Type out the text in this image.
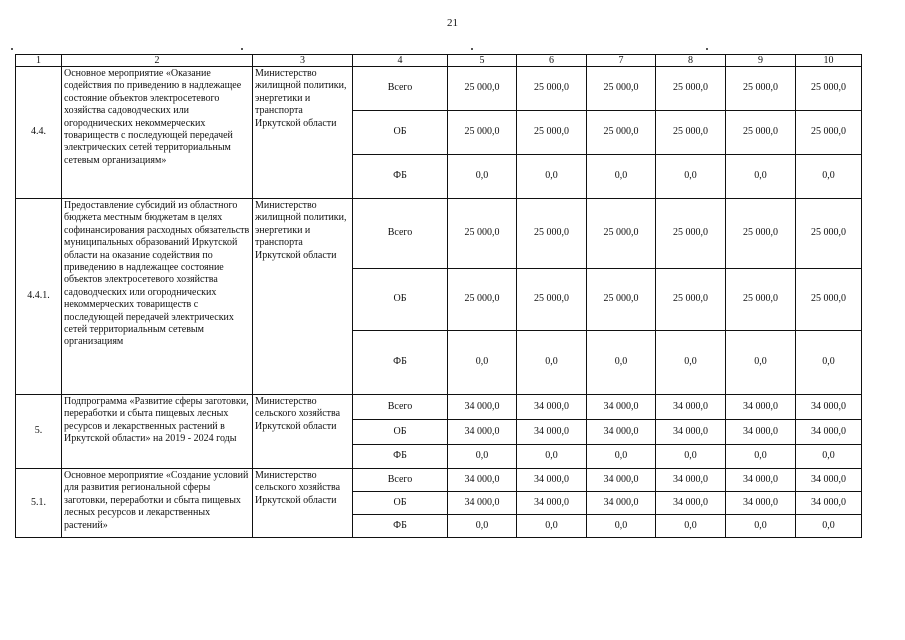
21
1	2	3	4	5	6	7	8	9	10
4.4.	Основное мероприятие «Оказание содействия по приведению в надлежащее состояние объектов электросетевого хозяйства садоводческих или огороднических некоммерческих товариществ с последующей передачей электрических сетей территориальным сетевым организациям»	Министерство жилищной политики, энергетики и транспорта Иркутской области	Всего	25 000,0	25 000,0	25 000,0	25 000,0	25 000,0	25 000,0
			ОБ	25 000,0	25 000,0	25 000,0	25 000,0	25 000,0	25 000,0
			ФБ	0,0	0,0	0,0	0,0	0,0	0,0
4.4.1.	Предоставление субсидий из областного бюджета местным бюджетам в целях софинансирования расходных обязательств муниципальных образований Иркутской области на оказание содействия по приведению в надлежащее состояние объектов электросетевого хозяйства садоводческих или огороднических некоммерческих товариществ с последующей передачей электрических сетей территориальным сетевым организациям	Министерство жилищной политики, энергетики и транспорта Иркутской области	Всего	25 000,0	25 000,0	25 000,0	25 000,0	25 000,0	25 000,0
			ОБ	25 000,0	25 000,0	25 000,0	25 000,0	25 000,0	25 000,0
			ФБ	0,0	0,0	0,0	0,0	0,0	0,0
5.	Подпрограмма «Развитие сферы заготовки, переработки и сбыта пищевых лесных ресурсов и лекарственных растений в Иркутской области» на 2019 - 2024 годы	Министерство сельского хозяйства Иркутской области	Всего	34 000,0	34 000,0	34 000,0	34 000,0	34 000,0	34 000,0
			ОБ	34 000,0	34 000,0	34 000,0	34 000,0	34 000,0	34 000,0
			ФБ	0,0	0,0	0,0	0,0	0,0	0,0
5.1.	Основное мероприятие «Создание условий для развития региональной сферы заготовки, переработки и сбыта пищевых лесных ресурсов и лекарственных растений»	Министерство сельского хозяйства Иркутской области	Всего	34 000,0	34 000,0	34 000,0	34 000,0	34 000,0	34 000,0
			ОБ	34 000,0	34 000,0	34 000,0	34 000,0	34 000,0	34 000,0
			ФБ	0,0	0,0	0,0	0,0	0,0	0,0
